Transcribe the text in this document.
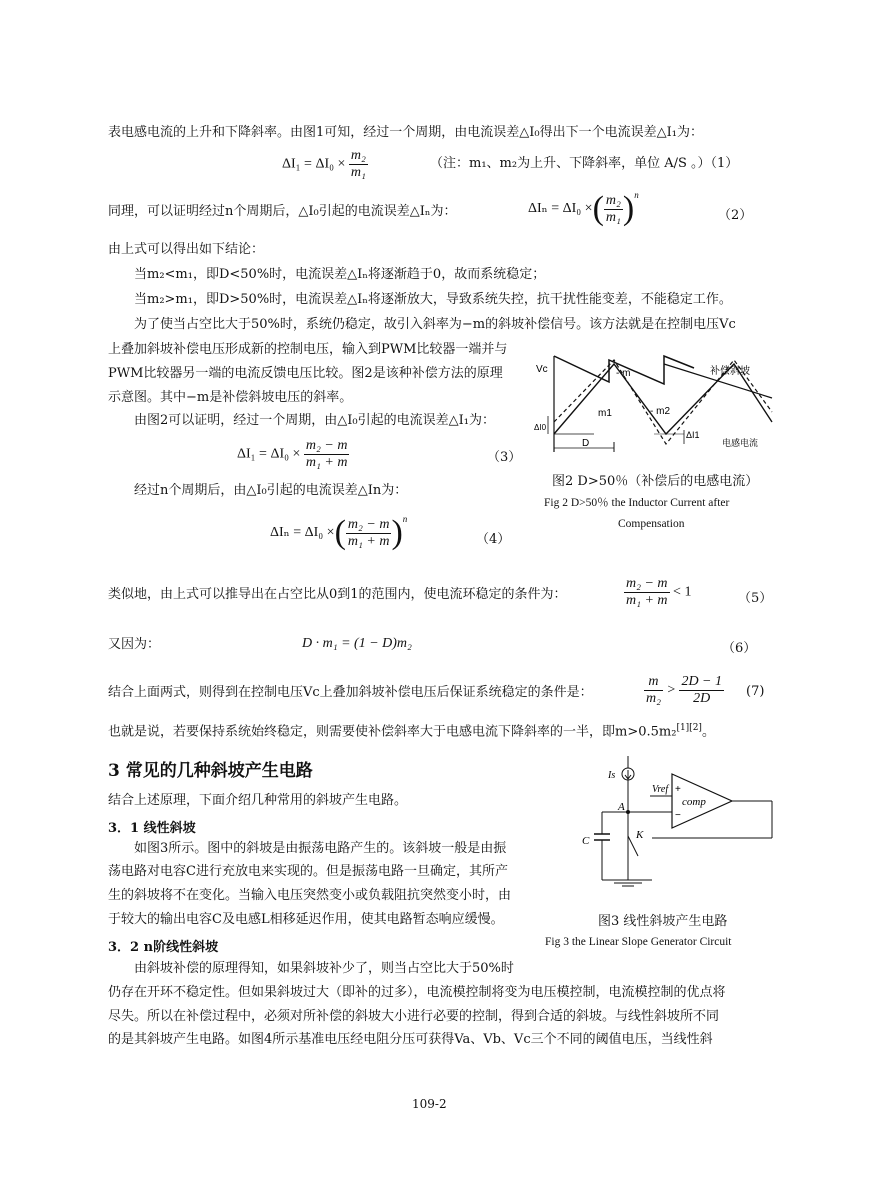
表电感电流的上升和下降斜率。由图1可知，经过一个周期，由电流误差△I₀得出下一个电流误差△I₁为：
$\Delta I_1 = \Delta I_0 \times \frac{\text{m₂}}{\text{m₁}}$	（注：m₁、m₂为上升、下降斜率，单位 A/S 。）（1）
同理，可以证明经过n个周期后，△I₀引起的电流误差△Iₙ为：	ΔIₙ = ΔI₀ ×( $\frac{\text{m₂}}{\text{m₁}} )^n$
（2）
由上式可以得出如下结论：
当m₂<m₁，即D<50%时，电流误差△Iₙ将逐渐趋于0，故而系统稳定；
当m₂>m₁，即D>50%时，电流误差△Iₙ将逐渐放大，导致系统失控，抗干扰性能变差，不能稳定工作。
为了使当占空比大于50%时，系统仍稳定，故引入斜率为−m的斜坡补偿信号。该方法就是在控制电压Vc
上叠加斜坡补偿电压形成新的控制电压，输入到PWM比较器一端并与
PWM比较器另一端的电流反馈电压比较。图2是该种补偿方法的原理
示意图。其中−m是补偿斜坡电压的斜率。
由图2可以证明，经过一个周期，由△I₀引起的电流误差△I₁为：
$\Delta I_1 = \Delta I_0 \times \frac{\text{m₂ − m}}{\text{m₁ + m}}$	（3）
经过n个周期后，由△I₀引起的电流误差△In为：
ΔIₙ = ΔI₀ ×( $\frac{\text{m₂ − m}}{\text{m₁ + m}} )^n$
（4）
Vc	- m	补偿斜坡
m1	- m2
ΔI0
D
ΔI1
电感电流
图2 D>50％（补偿后的电感电流）
Fig 2 D>50％ the Inductor Current after
Compensation
类似地，由上式可以推导出在占空比从0到1的范围内，使电流环稳定的条件为：	$\frac{\text{m₂ − m}}{\text{m₁ + m}} < 1$	（5）
又因为：	D · m₁ = (1 − D)m₂	（6）
结合上面两式，则得到在控制电压Vc上叠加斜坡补偿电压后保证系统稳定的条件是：	$\frac{m}{\text{m₂}} > \frac{2D - 1}{2D} (7)$
也就是说，若要保持系统始终稳定，则需要使补偿斜率大于电感电流下降斜率的一半，即m>0.5m₂[1][2]。
3 常见的几种斜坡产生电路
结合上述原理，下面介绍几种常用的斜坡产生电路。
3．1 线性斜坡
如图3所示。图中的斜坡是由振荡电路产生的。该斜坡一般是由振
荡电路对电容C进行充放电来实现的。但是振荡电路一旦确定，其所产
生的斜坡将不在变化。当输入电压突然变小或负载阻抗突然变小时，由
于较大的输出电容C及电感L相移延迟作用，使其电路暂态响应缓慢。
Is
Vref
A
C	K
comp
+
−
图3 线性斜坡产生电路
Fig 3 the Linear Slope Generator Circuit
3．2 n阶线性斜坡
由斜坡补偿的原理得知，如果斜坡补少了，则当占空比大于50%时
仍存在开环不稳定性。但如果斜坡过大（即补的过多），电流模控制将变为电压模控制，电流模控制的优点将
尽失。所以在补偿过程中，必须对所补偿的斜坡大小进行必要的控制，得到合适的斜坡。与线性斜坡所不同
的是其斜坡产生电路。如图4所示基准电压经电阻分压可获得Va、Vb、Vc三个不同的阈值电压，当线性斜
109-2
